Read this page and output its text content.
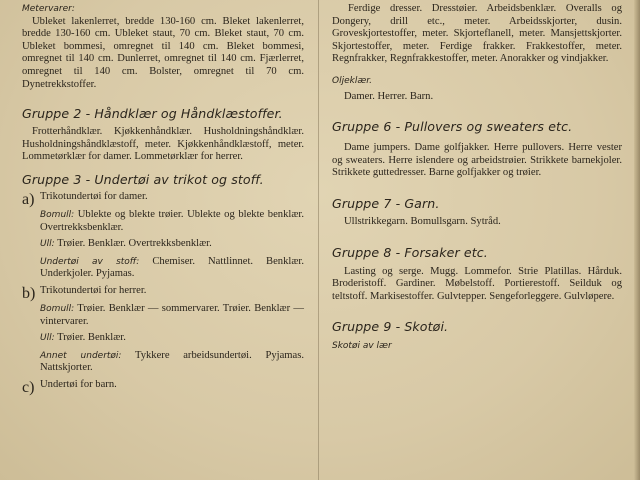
Metervarer:

Ubleket lakenlerret, bredde 130-160 cm. Bleket lakenlerret, bredde 130-160 cm. Ubleket staut, 70 cm. Bleket staut, 70 cm. Ubleket bommesi, omregnet til 140 cm. Bleket bommesi, omregnet til 140 cm. Dunlerret, omregnet til 140 cm. Fjærlerret, omregnet til 140 cm. Bolster, omregnet til 70 cm. Dynetrekkstoffer.

Gruppe 2 - Håndklær og Håndklæstoffer.

Frotterhåndklær. Kjøkkenhåndklær. Husholdningshåndklær. Husholdningshåndklæstoff, meter. Kjøkkenhåndklæstoff, meter. Lommetørklær for damer. Lommetørklær for herrer.

Gruppe 3 - Undertøi av trikot og stoff.
a) Trikotundertøi for damer.

Bomull: Ublekte og blekte trøier. Ublekte og blekte benklær. Overtrekksbenklær.

Ull: Trøier. Benklær. Overtrekksbenklær.

Undertøi av stoff: Chemiser. Nattlinnet. Benklær. Underkjoler. Pyjamas.

b) Trikotundertøi for herrer.

Bomull: Trøier. Benklær — sommervarer. Trøier. Benklær — vintervarer.

Ull: Trøier. Benklær.

Annet undertøi: Tykkere arbeidsundertøi. Pyjamas. Nattskjorter.

c) Undertøi for barn.

Ferdige dresser. Dresstøier. Arbeidsbenklær. Overalls og Dongery, drill etc., meter. Arbeidsskjorter, dusin. Groveskjortestoffer, meter. Skjorteflanell, meter. Mansjettskjorter. Skjortestoffer, meter. Ferdige frakker. Frakkestoffer, meter. Regnfrakker, Regnfrakkestoffer, meter. Anorakker og vindjakker.

Oljeklær.

Damer. Herrer. Barn.

Gruppe 6 - Pullovers og sweaters etc.

Dame jumpers. Dame golfjakker. Herre pullovers. Herre vester og sweaters. Herre islendere og arbeidstrøier. Strikkete barnekjoler. Strikkete guttedresser. Barne golfjakker og trøier.

Gruppe 7 - Garn.

Ullstrikkegarn. Bomullsgarn. Sytråd.

Gruppe 8 - Forsaker etc.

Lasting og serge. Mugg. Lommefor. Strie Platillas. Hårduk. Broderistoff. Gardiner. Møbelstoff. Portierestoff. Seilduk og teltstoff. Markisestoffer. Gulvtepper. Sengeforleggere. Gulvløpere.

Gruppe 9 - Skotøi.

Skotøi av lær
